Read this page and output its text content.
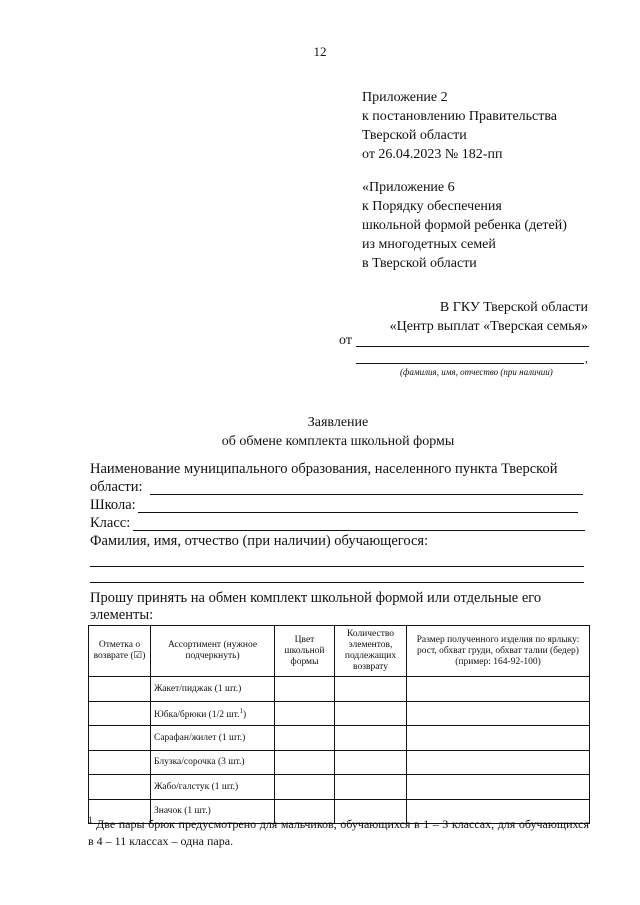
12
Приложение 2
к постановлению Правительства
Тверской области
от 26.04.2023 № 182-пп
«Приложение 6
к Порядку обеспечения
школьной формой ребенка (детей)
из многодетных семей
в Тверской области
В ГКУ Тверской области
«Центр выплат «Тверская семья»
от
,
(фамилия, имя, отчество (при наличии)
Заявление
об обмене комплекта школьной формы
Наименование муниципального образования, населенного пункта Тверской
области:
Школа:
Класс:
Фамилия, имя, отчество (при наличии) обучающегося:
Прошу принять на обмен комплект школьной формой или отдельные его
элементы:
Отметка о возврате (☑)	Ассортимент (нужное подчеркнуть)	Цвет школьной формы	Количество элементов, подлежащих возврату	Размер полученного изделия по ярлыку: рост, обхват груди, обхват талии (бедер) (пример: 164-92-100)
	Жакет/пиджак (1 шт.)			
	Юбка/брюки (1/2 шт.$^1$)			
	Сарафан/жилет (1 шт.)			
	Блузка/сорочка (3 шт.)			
	Жабо/галстук (1 шт.)			
	Значок (1 шт.)			
$^1$ Две пары брюк предусмотрено для мальчиков, обучающихся в 1 – 3 классах, для обучающихся в 4 – 11 классах – одна пара.
